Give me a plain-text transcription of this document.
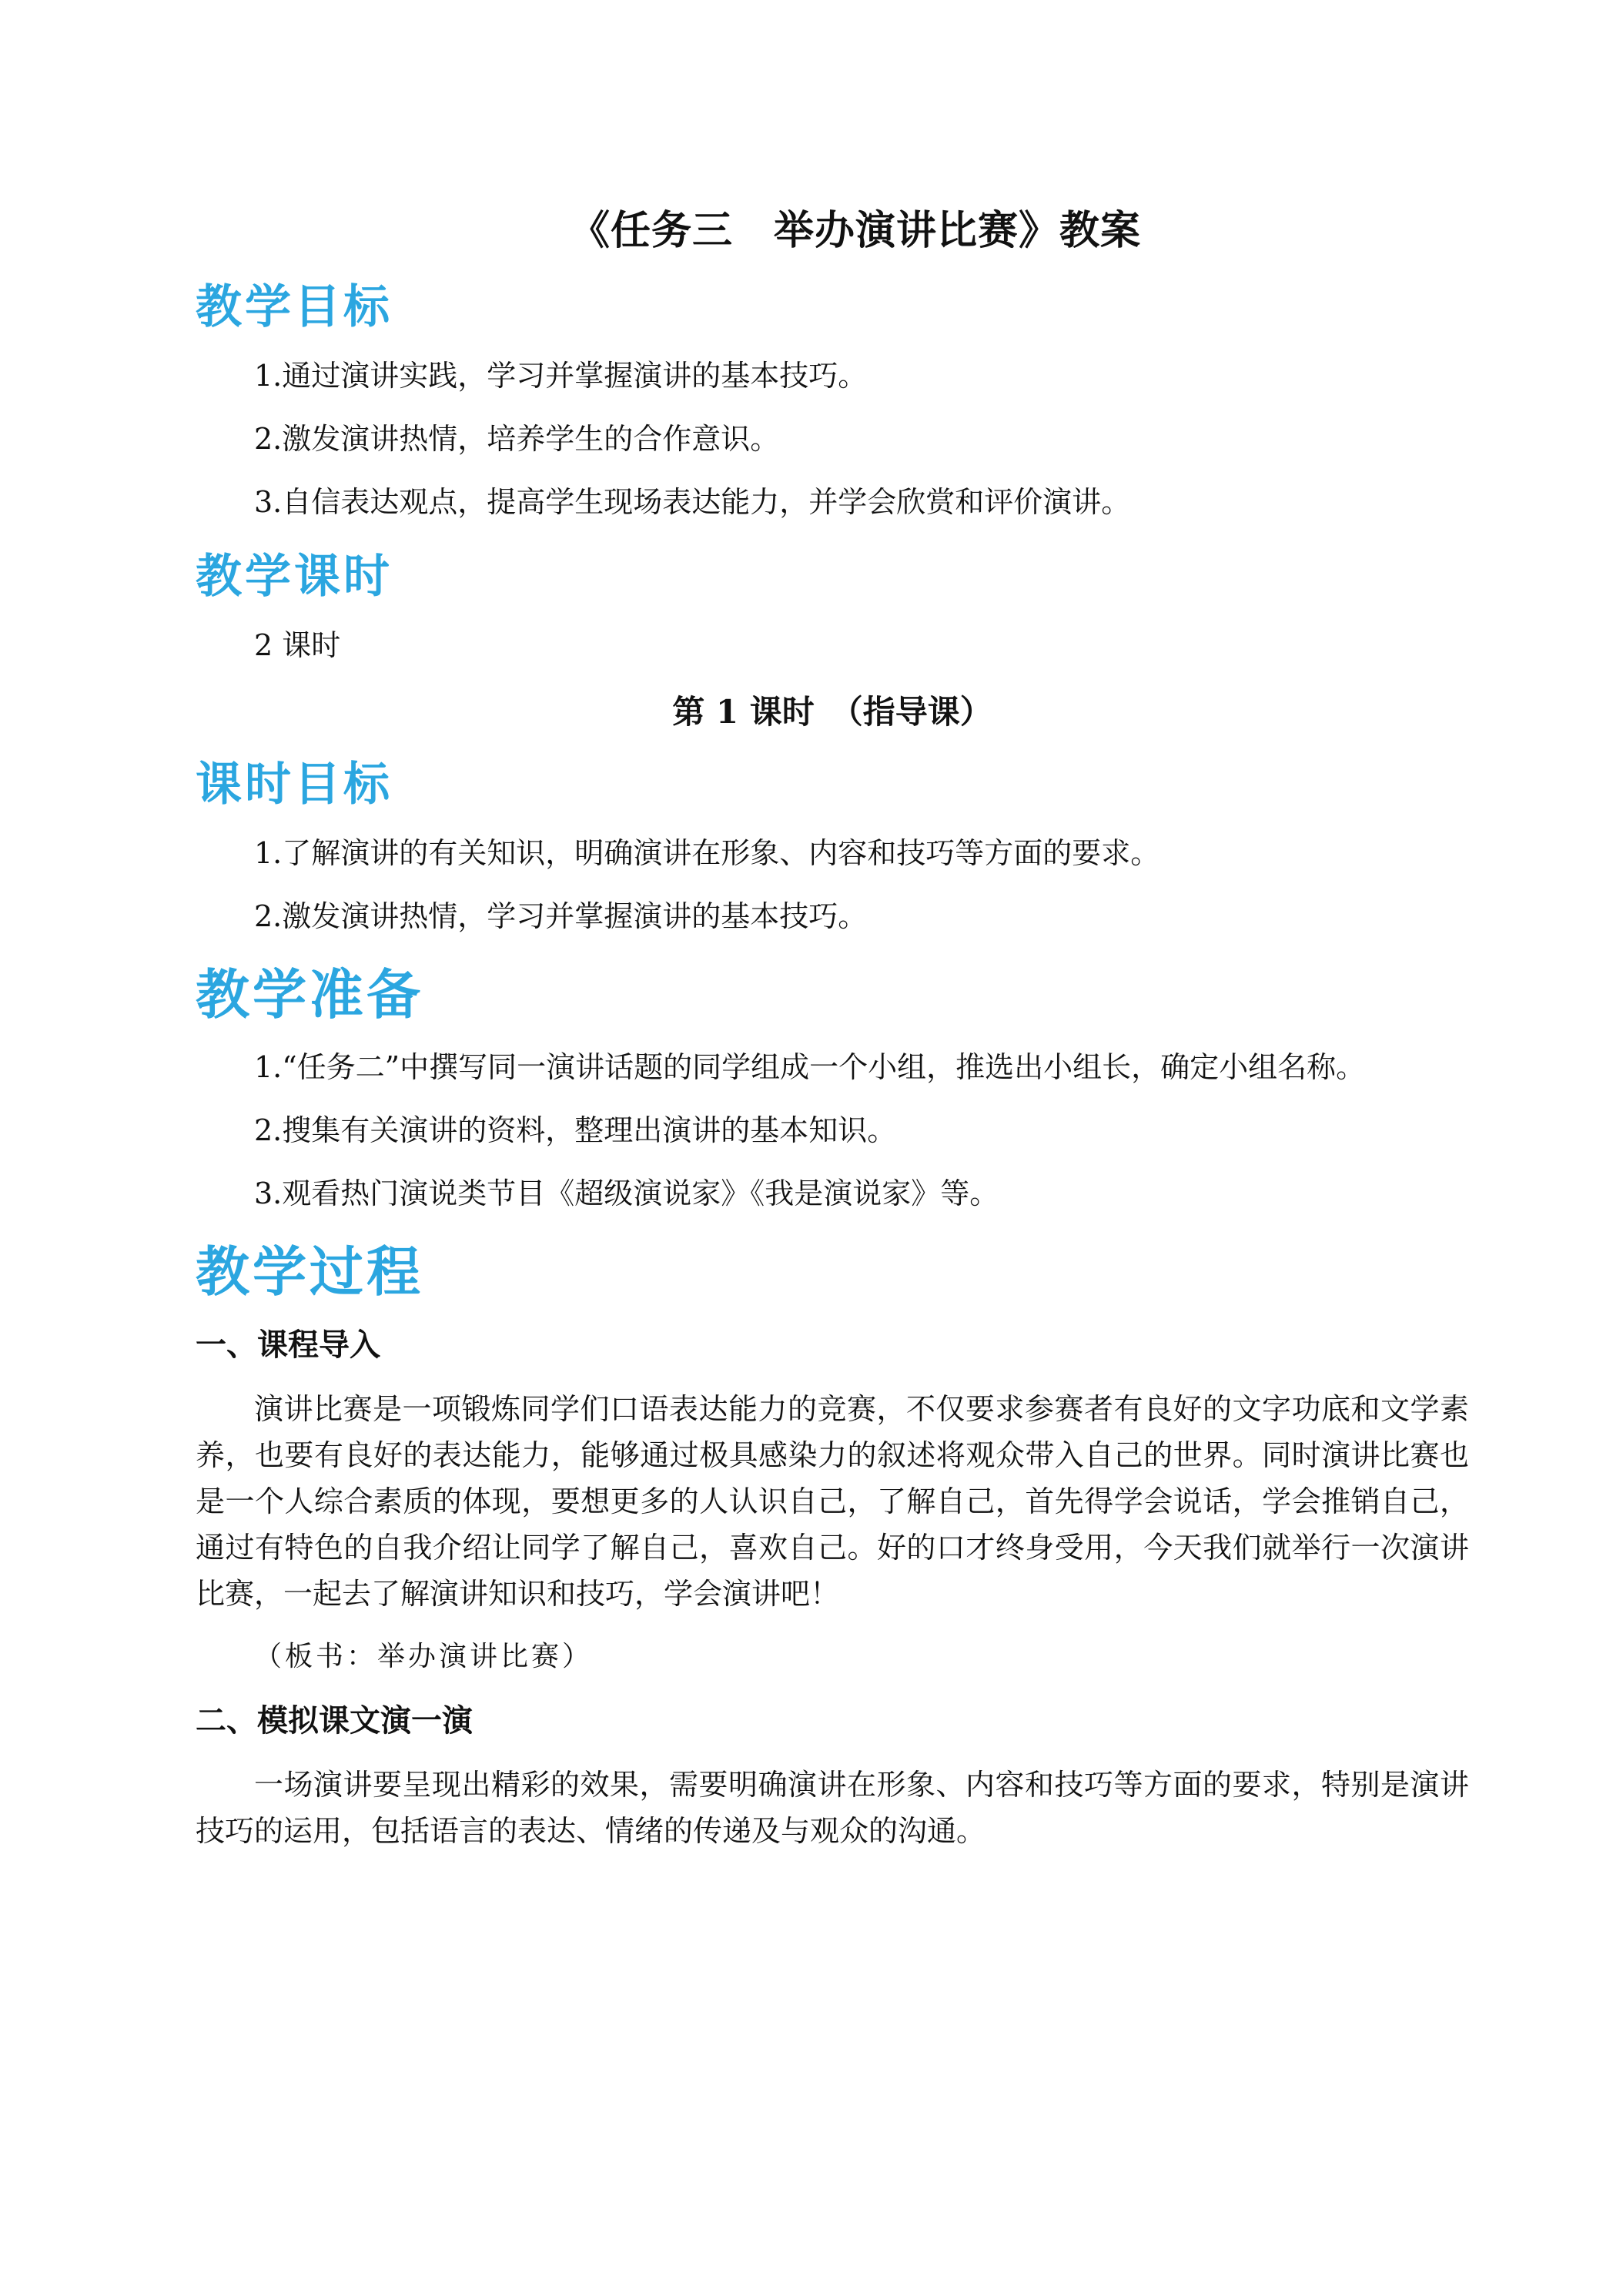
《任务三　举办演讲比赛》教案
教学目标
1.通过演讲实践，学习并掌握演讲的基本技巧。
2.激发演讲热情，培养学生的合作意识。
3.自信表达观点，提高学生现场表达能力，并学会欣赏和评价演讲。
教学课时
2 课时
第 1 课时　（指导课）
课时目标
1.了解演讲的有关知识，明确演讲在形象、内容和技巧等方面的要求。
2.激发演讲热情，学习并掌握演讲的基本技巧。
教学准备
1.“任务二”中撰写同一演讲话题的同学组成一个小组，推选出小组长，确定小组名称。
2.搜集有关演讲的资料，整理出演讲的基本知识。
3.观看热门演说类节目《超级演说家》《我是演说家》等。
教学过程
一、课程导入
演讲比赛是一项锻炼同学们口语表达能力的竞赛，不仅要求参赛者有良好的文字功底和文学素养，也要有良好的表达能力，能够通过极具感染力的叙述将观众带入自己的世界。同时演讲比赛也是一个人综合素质的体现，要想更多的人认识自己，了解自己，首先得学会说话，学会推销自己，通过有特色的自我介绍让同学了解自己，喜欢自己。好的口才终身受用，今天我们就举行一次演讲比赛，一起去了解演讲知识和技巧，学会演讲吧！
（板书：举办演讲比赛）
二、模拟课文演一演
一场演讲要呈现出精彩的效果，需要明确演讲在形象、内容和技巧等方面的要求，特别是演讲技巧的运用，包括语言的表达、情绪的传递及与观众的沟通。
